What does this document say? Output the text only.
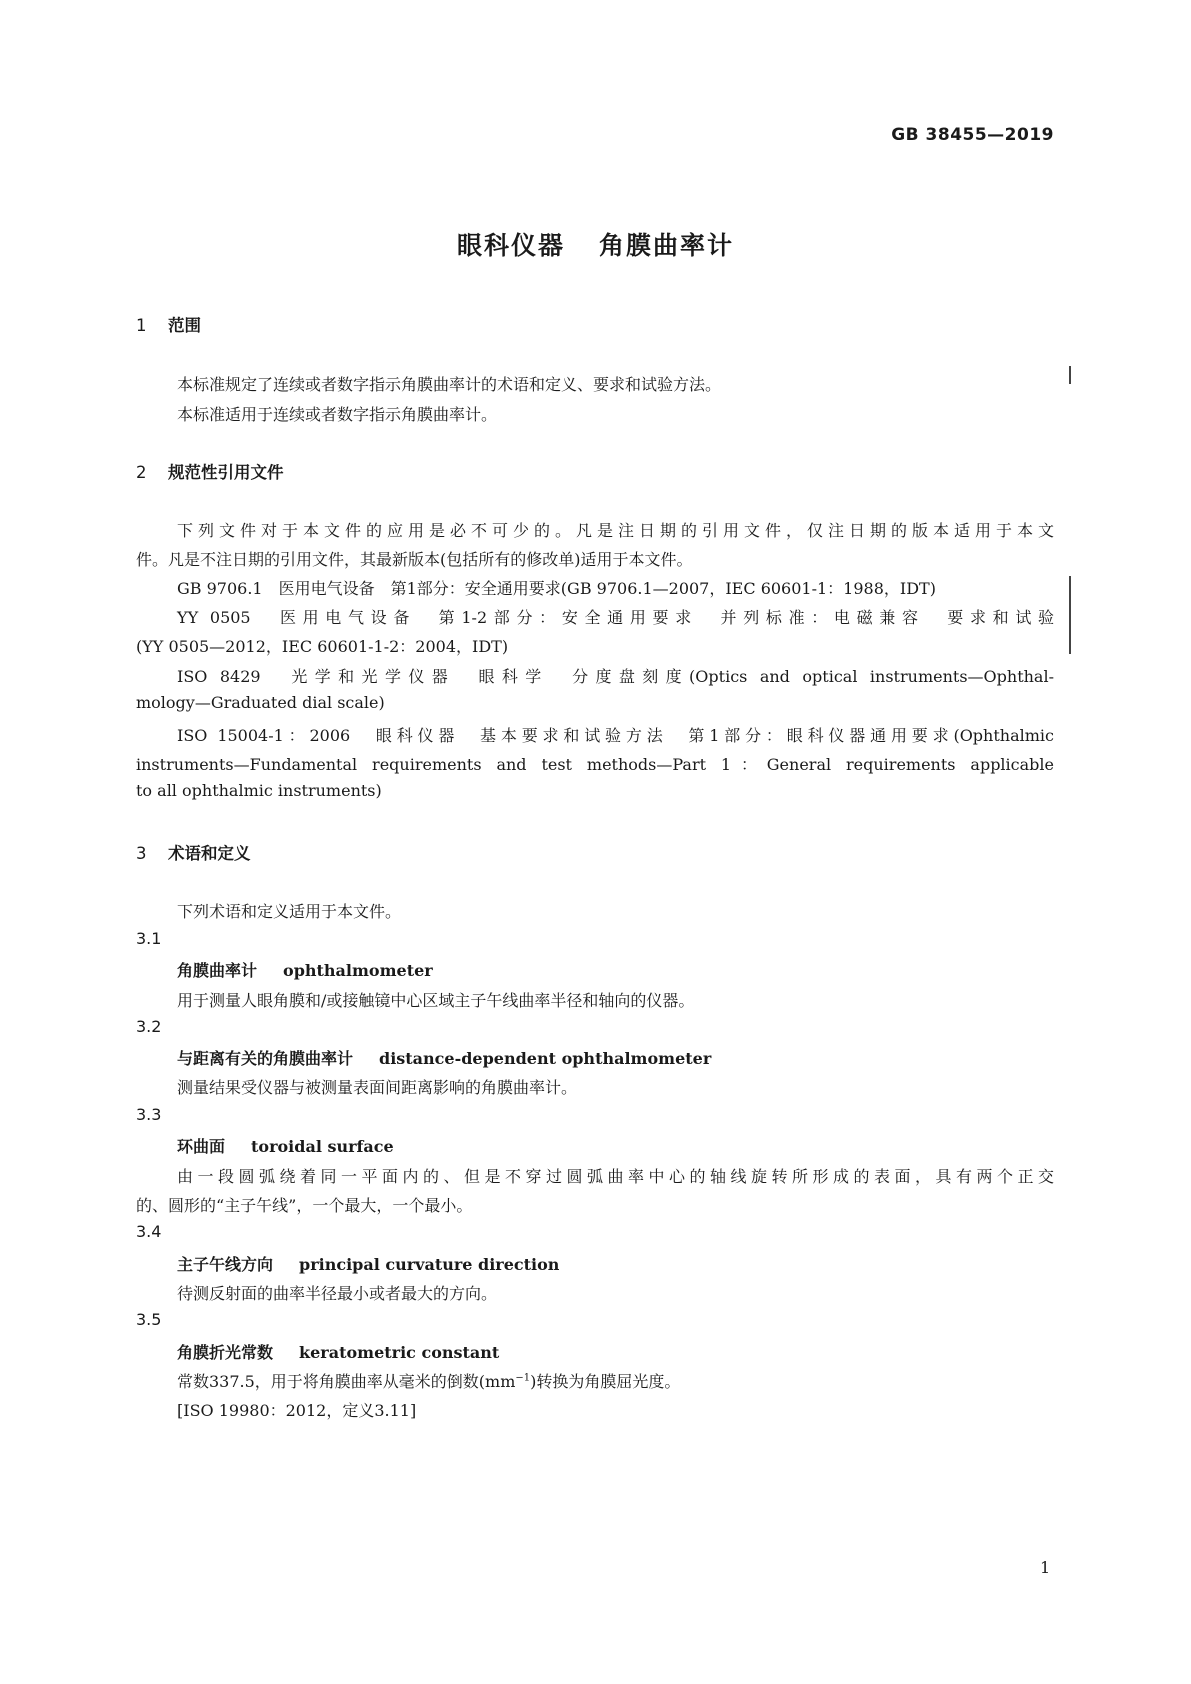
GB 38455—2019
眼科仪器 角膜曲率计
1 范围
本标准规定了连续或者数字指示角膜曲率计的术语和定义、要求和试验方法。
本标准适用于连续或者数字指示角膜曲率计。
2 规范性引用文件
下列文件对于本文件的应用是必不可少的。凡是注日期的引用文件，仅注日期的版本适用于本文
件。凡是不注日期的引用文件，其最新版本(包括所有的修改单)适用于本文件。
GB 9706.1　医用电气设备　第1部分：安全通用要求(GB 9706.1—2007，IEC 60601-1：1988，IDT)
YY 0505　医用电气设备　第1-2部分：安全通用要求　并列标准：电磁兼容　要求和试验
(YY 0505—2012，IEC 60601-1-2：2004，IDT)
ISO 8429　光学和光学仪器　眼科学　分度盘刻度(Optics and optical instruments—Ophthal-
mology—Graduated dial scale)
ISO 15004-1：2006　眼科仪器　基本要求和试验方法　第1部分：眼科仪器通用要求(Ophthalmic
instruments—Fundamental requirements and test methods—Part 1：General requirements applicable
to all ophthalmic instruments)
3 术语和定义
下列术语和定义适用于本文件。
3.1
角膜曲率计 ophthalmometer
用于测量人眼角膜和/或接触镜中心区域主子午线曲率半径和轴向的仪器。
3.2
与距离有关的角膜曲率计 distance-dependent ophthalmometer
测量结果受仪器与被测量表面间距离影响的角膜曲率计。
3.3
环曲面 toroidal surface
由一段圆弧绕着同一平面内的、但是不穿过圆弧曲率中心的轴线旋转所形成的表面，具有两个正交
的、圆形的“主子午线”，一个最大，一个最小。
3.4
主子午线方向 principal curvature direction
待测反射面的曲率半径最小或者最大的方向。
3.5
角膜折光常数 keratometric constant
常数337.5，用于将角膜曲率从毫米的倒数$(mm^{-1})$转换为角膜屈光度。
[ISO 19980：2012，定义3.11]
1
